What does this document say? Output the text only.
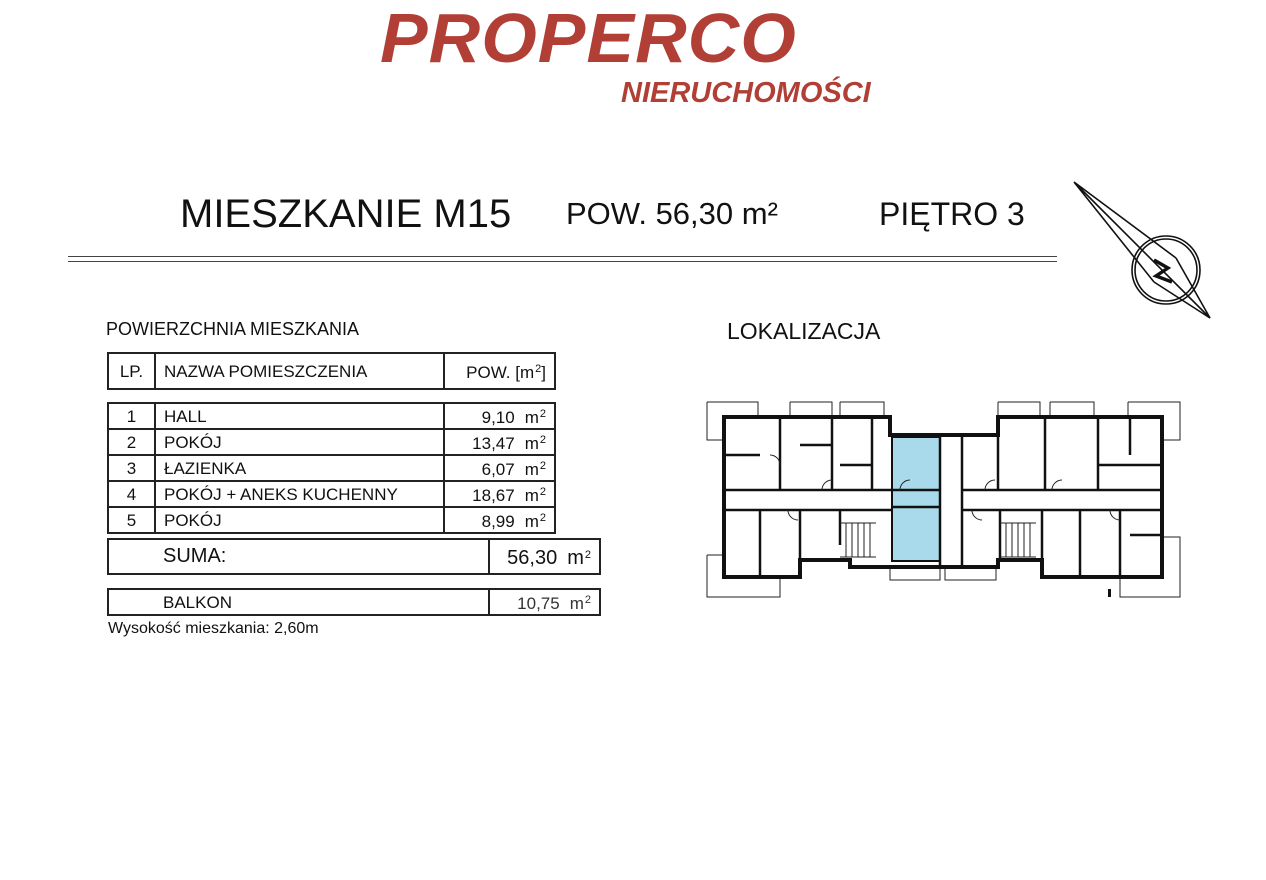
PROPERCO
NIERUCHOMOŚCI
MIESZKANIE M15 POW. 56,30 m²	PIĘTRO 3
POWIERZCHNIA MIESZKANIA	LOKALIZACJA
LP.	NAZWA POMIESZCZENIA	POW. $[m^2]$
1	HALL	9,10 $m^2$
2	POKÓJ	13,47 $m^2$
3	ŁAZIENKA	6,07 $m^2$
4	POKÓJ + ANEKS KUCHENNY	18,67 $m^2$
5	POKÓJ	8,99 $m^2$
SUMA:	56,30 $m^2$
BALKON	10,75 $m^2$
Wysokość mieszkania: 2,60m
